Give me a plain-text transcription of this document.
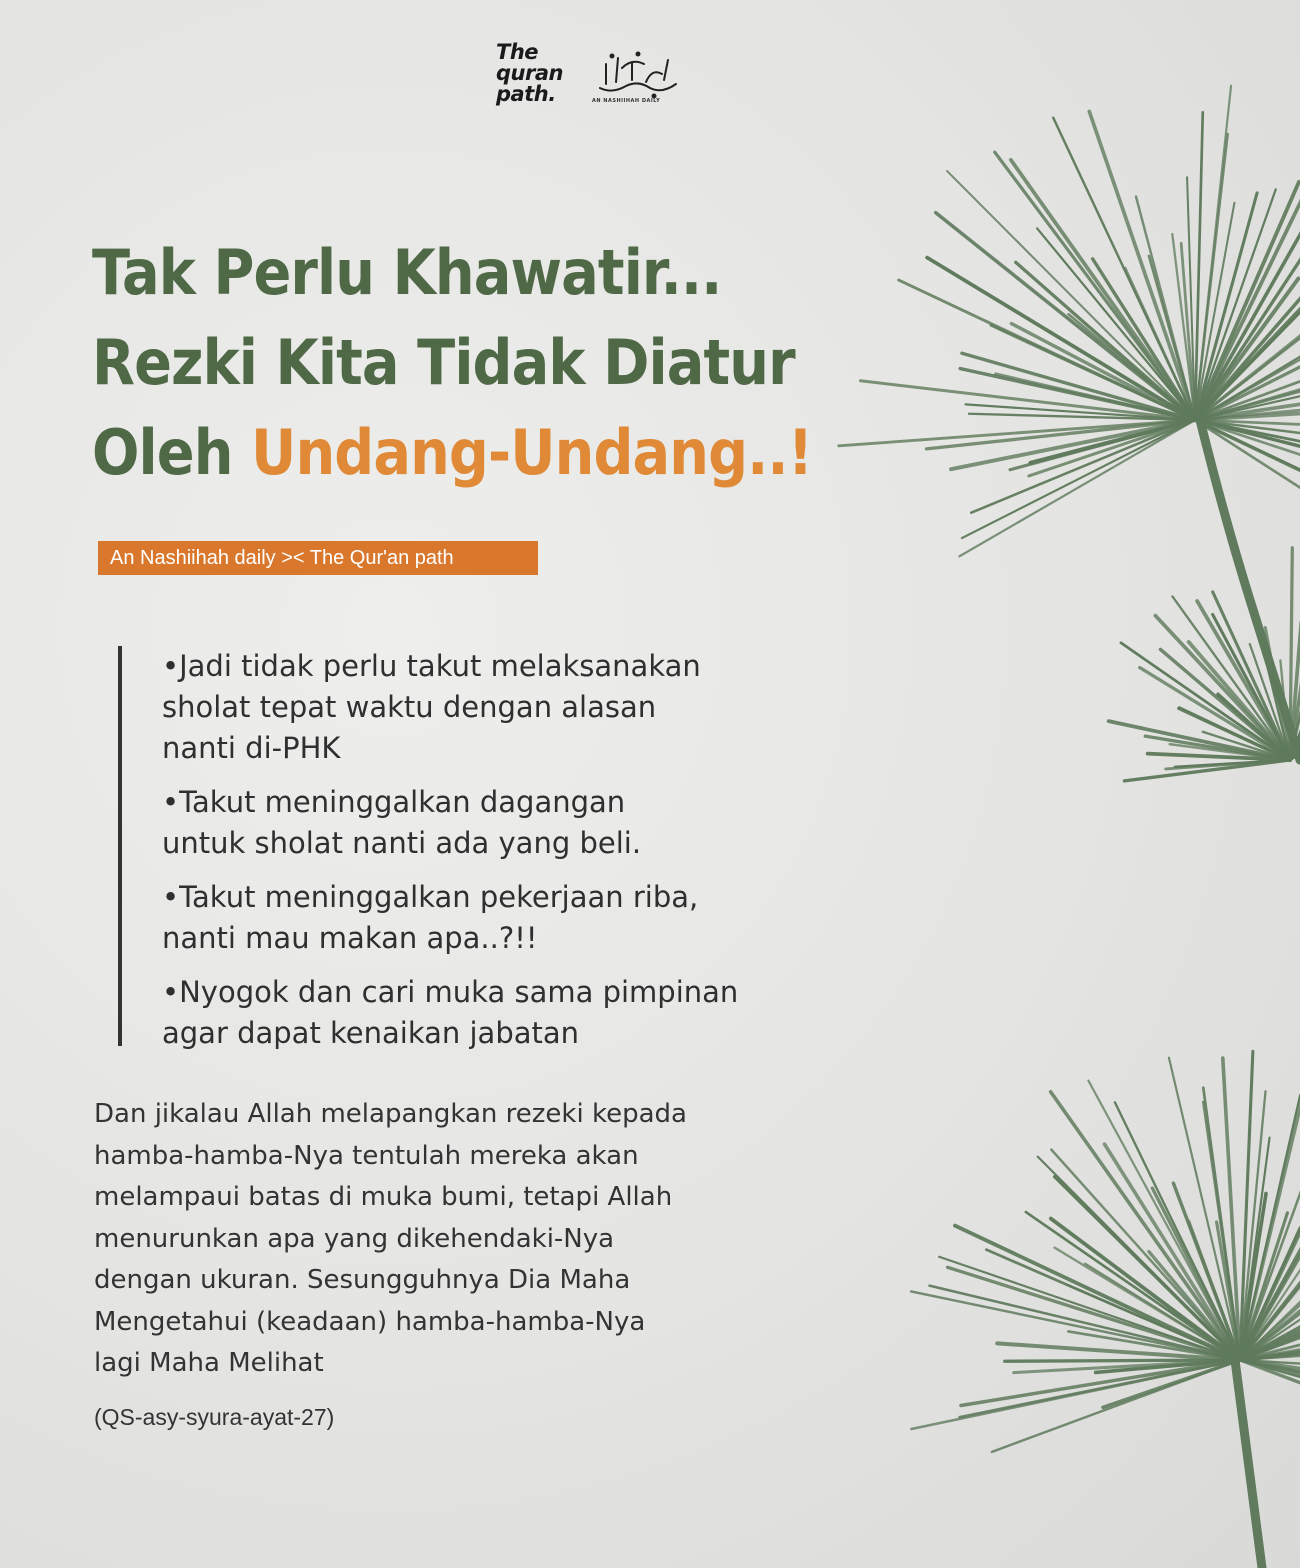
The
quran
path.	AN NASHIIHAH DAILY
Tak Perlu Khawatir...
Rezki Kita Tidak Diatur
Oleh Undang-Undang..!
An Nashiihah daily >< The Qur'an path
•Jadi tidak perlu takut melaksanakan
sholat tepat waktu dengan alasan
nanti di-PHK
•Takut meninggalkan dagangan
untuk sholat nanti ada yang beli.
•Takut meninggalkan pekerjaan riba,
nanti mau makan apa..?!!
•Nyogok dan cari muka sama pimpinan
agar dapat kenaikan jabatan
Dan jikalau Allah melapangkan rezeki kepada
hamba-hamba-Nya tentulah mereka akan
melampaui batas di muka bumi, tetapi Allah
menurunkan apa yang dikehendaki-Nya
dengan ukuran. Sesungguhnya Dia Maha
Mengetahui (keadaan) hamba-hamba-Nya
lagi Maha Melihat
(QS-asy-syura-ayat-27)
